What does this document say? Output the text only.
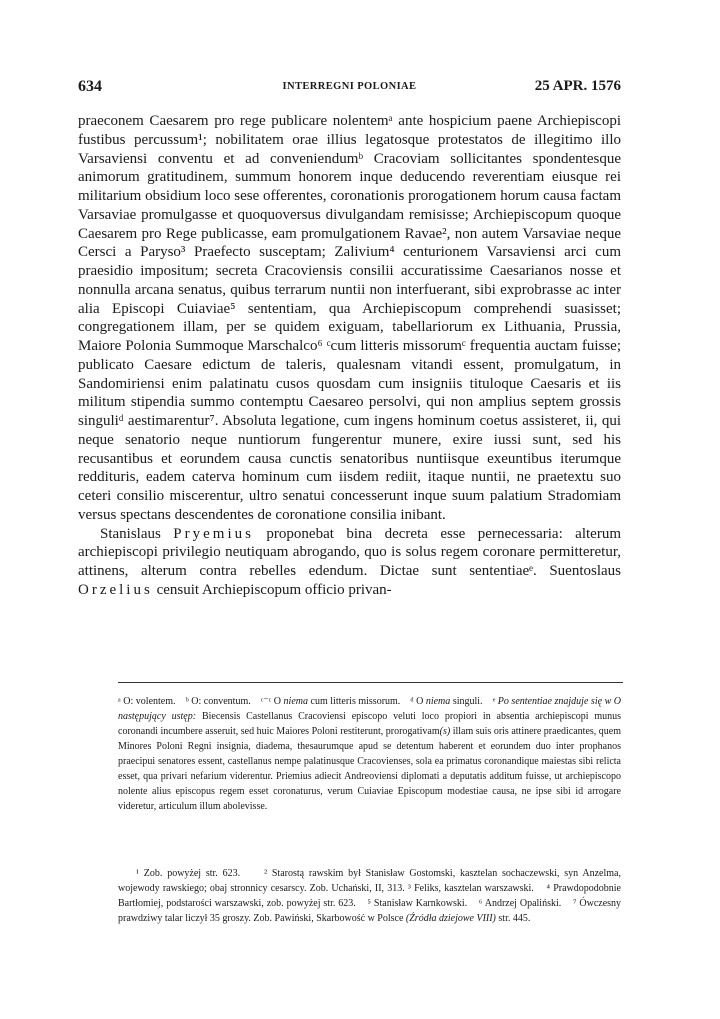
634	INTERREGNI POLONIAE	25 APR. 1576

praeconem Caesarem pro rege publicare nolentemᵃ ante hospicium paene Archiepiscopi fustibus percussum¹; nobilitatem orae illius legatosque protestatos de illegitimo illo Varsaviensi conventu et ad conveniendumᵇ Cracoviam sollicitantes spondentesque animorum gratitudinem, summum honorem inque deducendo reverentiam eiusque rei militarium obsidium loco sese offerentes, coronationis prorogationem horum causa factam Varsaviae promulgasse et quoquoversus divulgandam remisisse; Archiepiscopum quoque Caesarem pro Rege publicasse, eam promulgationem Ravae², non autem Varsaviae neque Cersci a Paryso³ Praefecto susceptam; Zalivium⁴ centurionem Varsaviensi arci cum praesidio impositum; secreta Cracoviensis consilii accuratissime Caesarianos nosse et nonnulla arcana senatus, quibus terrarum nuntii non interfuerant, sibi exprobrasse ac inter alia Episcopi Cuiaviae⁵ sententiam, qua Archiepiscopum comprehendi suasisset; congregationem illam, per se quidem exiguam, tabellariorum ex Lithuania, Prussia, Maiore Polonia Summoque Marschalco⁶ ᶜcum litteris missorumᶜ frequentia auctam fuisse; publicato Caesare edictum de taleris, qualesnam vitandi essent, promulgatum, in Sandomiriensi enim palatinatu cusos quosdam cum insigniis tituloque Caesaris et iis militum stipendia summo contemptu Caesareo persolvi, qui non amplius septem grossis singuliᵈ aestimarentur⁷. Absoluta legatione, cum ingens hominum coetus assisteret, ii, qui neque senatorio neque nuntiorum fungerentur munere, exire iussi sunt, sed his recusantibus et eorundem causa cunctis senatoribus nuntiisque exeuntibus iterumque reddituris, eadem caterva hominum cum iisdem rediit, itaque nuntii, ne praetextu suo ceteri consilio miscerentur, ultro senatui concesserunt inque suum palatium Stradomiam versus spectans descendentes de coronatione consilia inibant.

Stanislaus Pryemius proponebat bina decreta esse pernecessaria: alterum archiepiscopi privilegio neutiquam abrogando, quo is solus regem coronare permitteretur, attinens, alterum contra rebelles edendum. Dictae sunt sententiaeᵉ. Suentoslaus Orzelius censuit Archiepiscopum officio privan-

ᵃ O: volentem. ᵇ O: conventum. ᶜ⁻ᶜ O niema cum litteris missorum. ᵈ O niema singuli. ᵉ Po sententiae znajduje się w O następujący ustęp: Biecensis Castellanus Cracoviensi episcopo veluti loco propiori in absentia archiepiscopi munus coronandi incumbere asseruit, sed huic Maiores Poloni restiterunt, prorogativam(s) illam suis oris attinere praedicantes, quem Minores Poloni Regni insignia, diadema, thesaurumque apud se detentum haberent et eorundem duo inter prophanos praecipui senatores essent, castellanus nempe palatinusque Cracovienses, sola ea primatus coronandique maiestas sibi relicta esset, qua privari nefarium viderentur. Priemius adiecit Andreoviensi diplomati a deputatis additum fuisse, ut archiepiscopo nolente alius episcopus regem esset coronaturus, verum Cuiaviae Episcopum modestiae causa, ne ipse sibi id arrogare videretur, articulum illum abolevisse.

¹ Zob. powyżej str. 623. ² Starostą rawskim był Stanisław Gostomski, kasztelan sochaczewski, syn Anzelma, wojewody rawskiego; obaj stronnicy cesarscy. Zob. Uchański, II, 313. ³ Feliks, kasztelan warszawski. ⁴ Prawdopodobnie Bartłomiej, podstarości warszawski, zob. powyżej str. 623. ⁵ Stanisław Karnkowski. ⁶ Andrzej Opaliński. ⁷ Ówczesny prawdziwy talar liczył 35 groszy. Zob. Pawiński, Skarbowość w Polsce (Źródła dziejowe VIII) str. 445.
